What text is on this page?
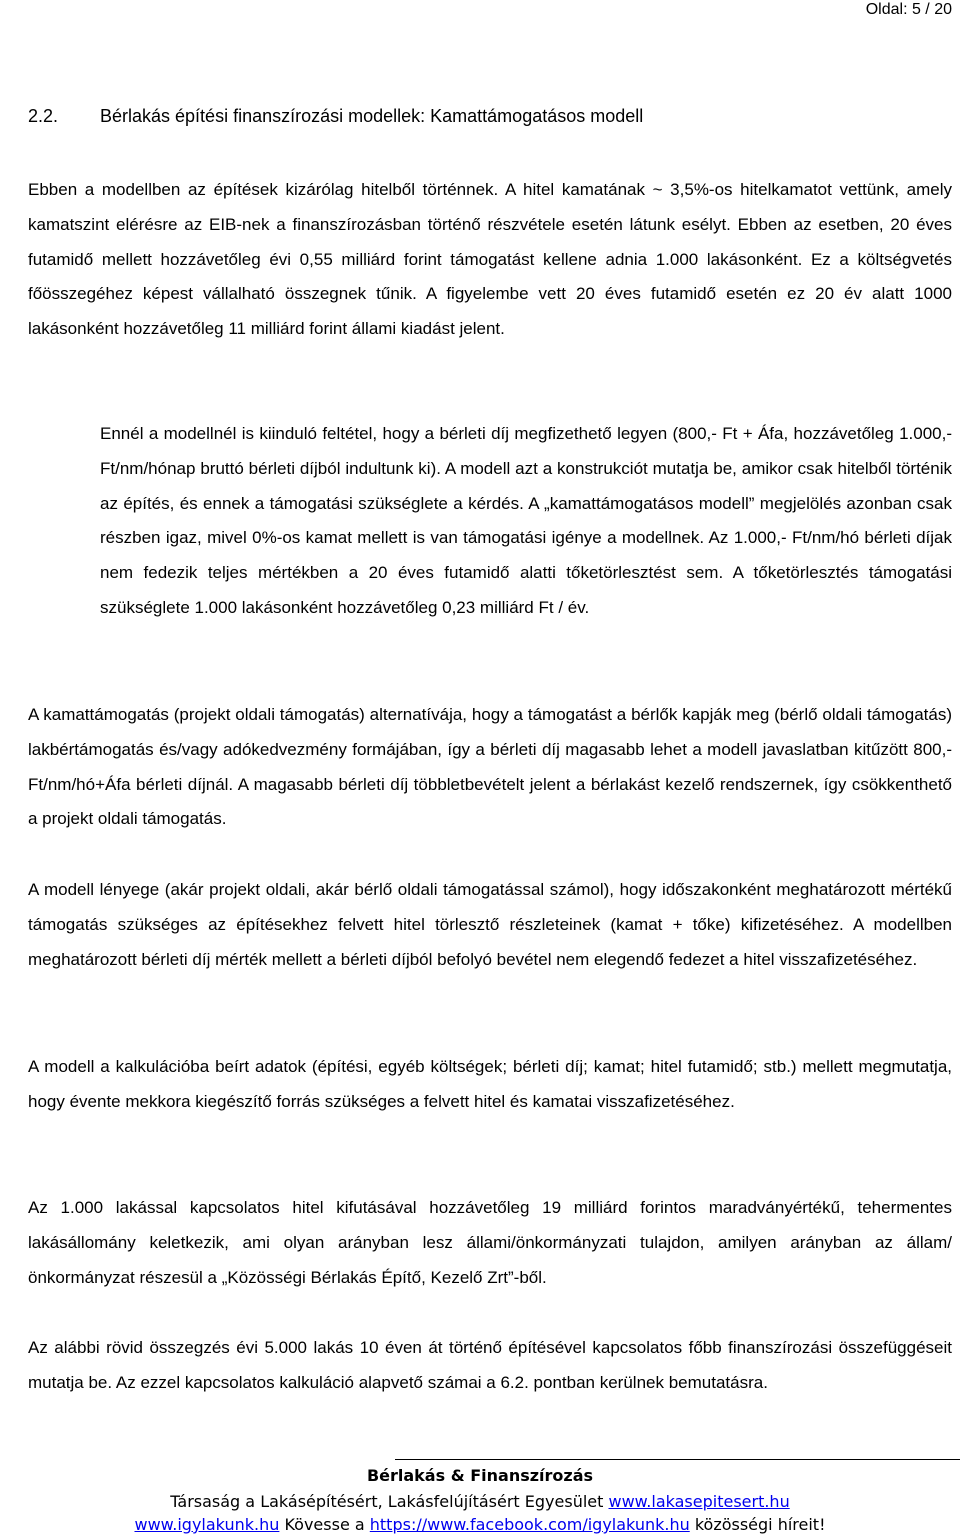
Oldal: 5 / 20
2.2. Bérlakás építési finanszírozási modellek: Kamattámogatásos modell

Ebben a modellben az építések kizárólag hitelből történnek. A hitel kamatának ~ 3,5%-os hitelkamatot vettünk, amely kamatszint elérésre az EIB-nek a finanszírozásban történő részvétele esetén látunk esélyt. Ebben az esetben, 20 éves futamidő mellett hozzávetőleg évi 0,55 milliárd forint támogatást kellene adnia 1.000 lakásonként. Ez a költségvetés főösszegéhez képest vállalható összegnek tűnik. A figyelembe vett 20 éves futamidő esetén ez 20 év alatt 1000 lakásonként hozzávetőleg 11 milliárd forint állami kiadást jelent.

Ennél a modellnél is kiinduló feltétel, hogy a bérleti díj megfizethető legyen (800,- Ft + Áfa, hozzávetőleg 1.000,- Ft/nm/hónap bruttó bérleti díjból indultunk ki). A modell azt a konstrukciót mutatja be, amikor csak hitelből történik az építés, és ennek a támogatási szükséglete a kérdés. A „kamattámogatásos modell” megjelölés azonban csak részben igaz, mivel 0%-os kamat mellett is van támogatási igénye a modellnek. Az 1.000,- Ft/nm/hó bérleti díjak nem fedezik teljes mértékben a 20 éves futamidő alatti tőketörlesztést sem. A tőketörlesztés támogatási szükséglete 1.000 lakásonként hozzávetőleg 0,23 milliárd Ft / év.

A kamattámogatás (projekt oldali támogatás) alternatívája, hogy a támogatást a bérlők kapják meg (bérlő oldali támogatás) lakbértámogatás és/vagy adókedvezmény formájában, így a bérleti díj magasabb lehet a modell javaslatban kitűzött 800,- Ft/nm/hó+Áfa bérleti díjnál. A magasabb bérleti díj többletbevételt jelent a bérlakást kezelő rendszernek, így csökkenthető a projekt oldali támogatás.

A modell lényege (akár projekt oldali, akár bérlő oldali támogatással számol), hogy időszakonként meghatározott mértékű támogatás szükséges az építésekhez felvett hitel törlesztő részleteinek (kamat + tőke) kifizetéséhez. A modellben meghatározott bérleti díj mérték mellett a bérleti díjból befolyó bevétel nem elegendő fedezet a hitel visszafizetéséhez.

A modell a kalkulációba beírt adatok (építési, egyéb költségek; bérleti díj; kamat; hitel futamidő; stb.) mellett megmutatja, hogy évente mekkora kiegészítő forrás szükséges a felvett hitel és kamatai visszafizetéséhez.

Az 1.000 lakással kapcsolatos hitel kifutásával hozzávetőleg 19 milliárd forintos maradványértékű, tehermentes lakásállomány keletkezik, ami olyan arányban lesz állami/önkormányzati tulajdon, amilyen arányban az állam/önkormányzat részesül a „Közösségi Bérlakás Építő, Kezelő Zrt”-ből.

Az alábbi rövid összegzés évi 5.000 lakás 10 éven át történő építésével kapcsolatos főbb finanszírozási összefüggéseit mutatja be. Az ezzel kapcsolatos kalkuláció alapvető számai a 6.2. pontban kerülnek bemutatásra.

Bérlakás & Finanszírozás
Társaság a Lakásépítésért, Lakásfelújításért Egyesület www.lakasepitesert.hu
www.igylakunk.hu Kövesse a https://www.facebook.com/igylakunk.hu közösségi híreit!
